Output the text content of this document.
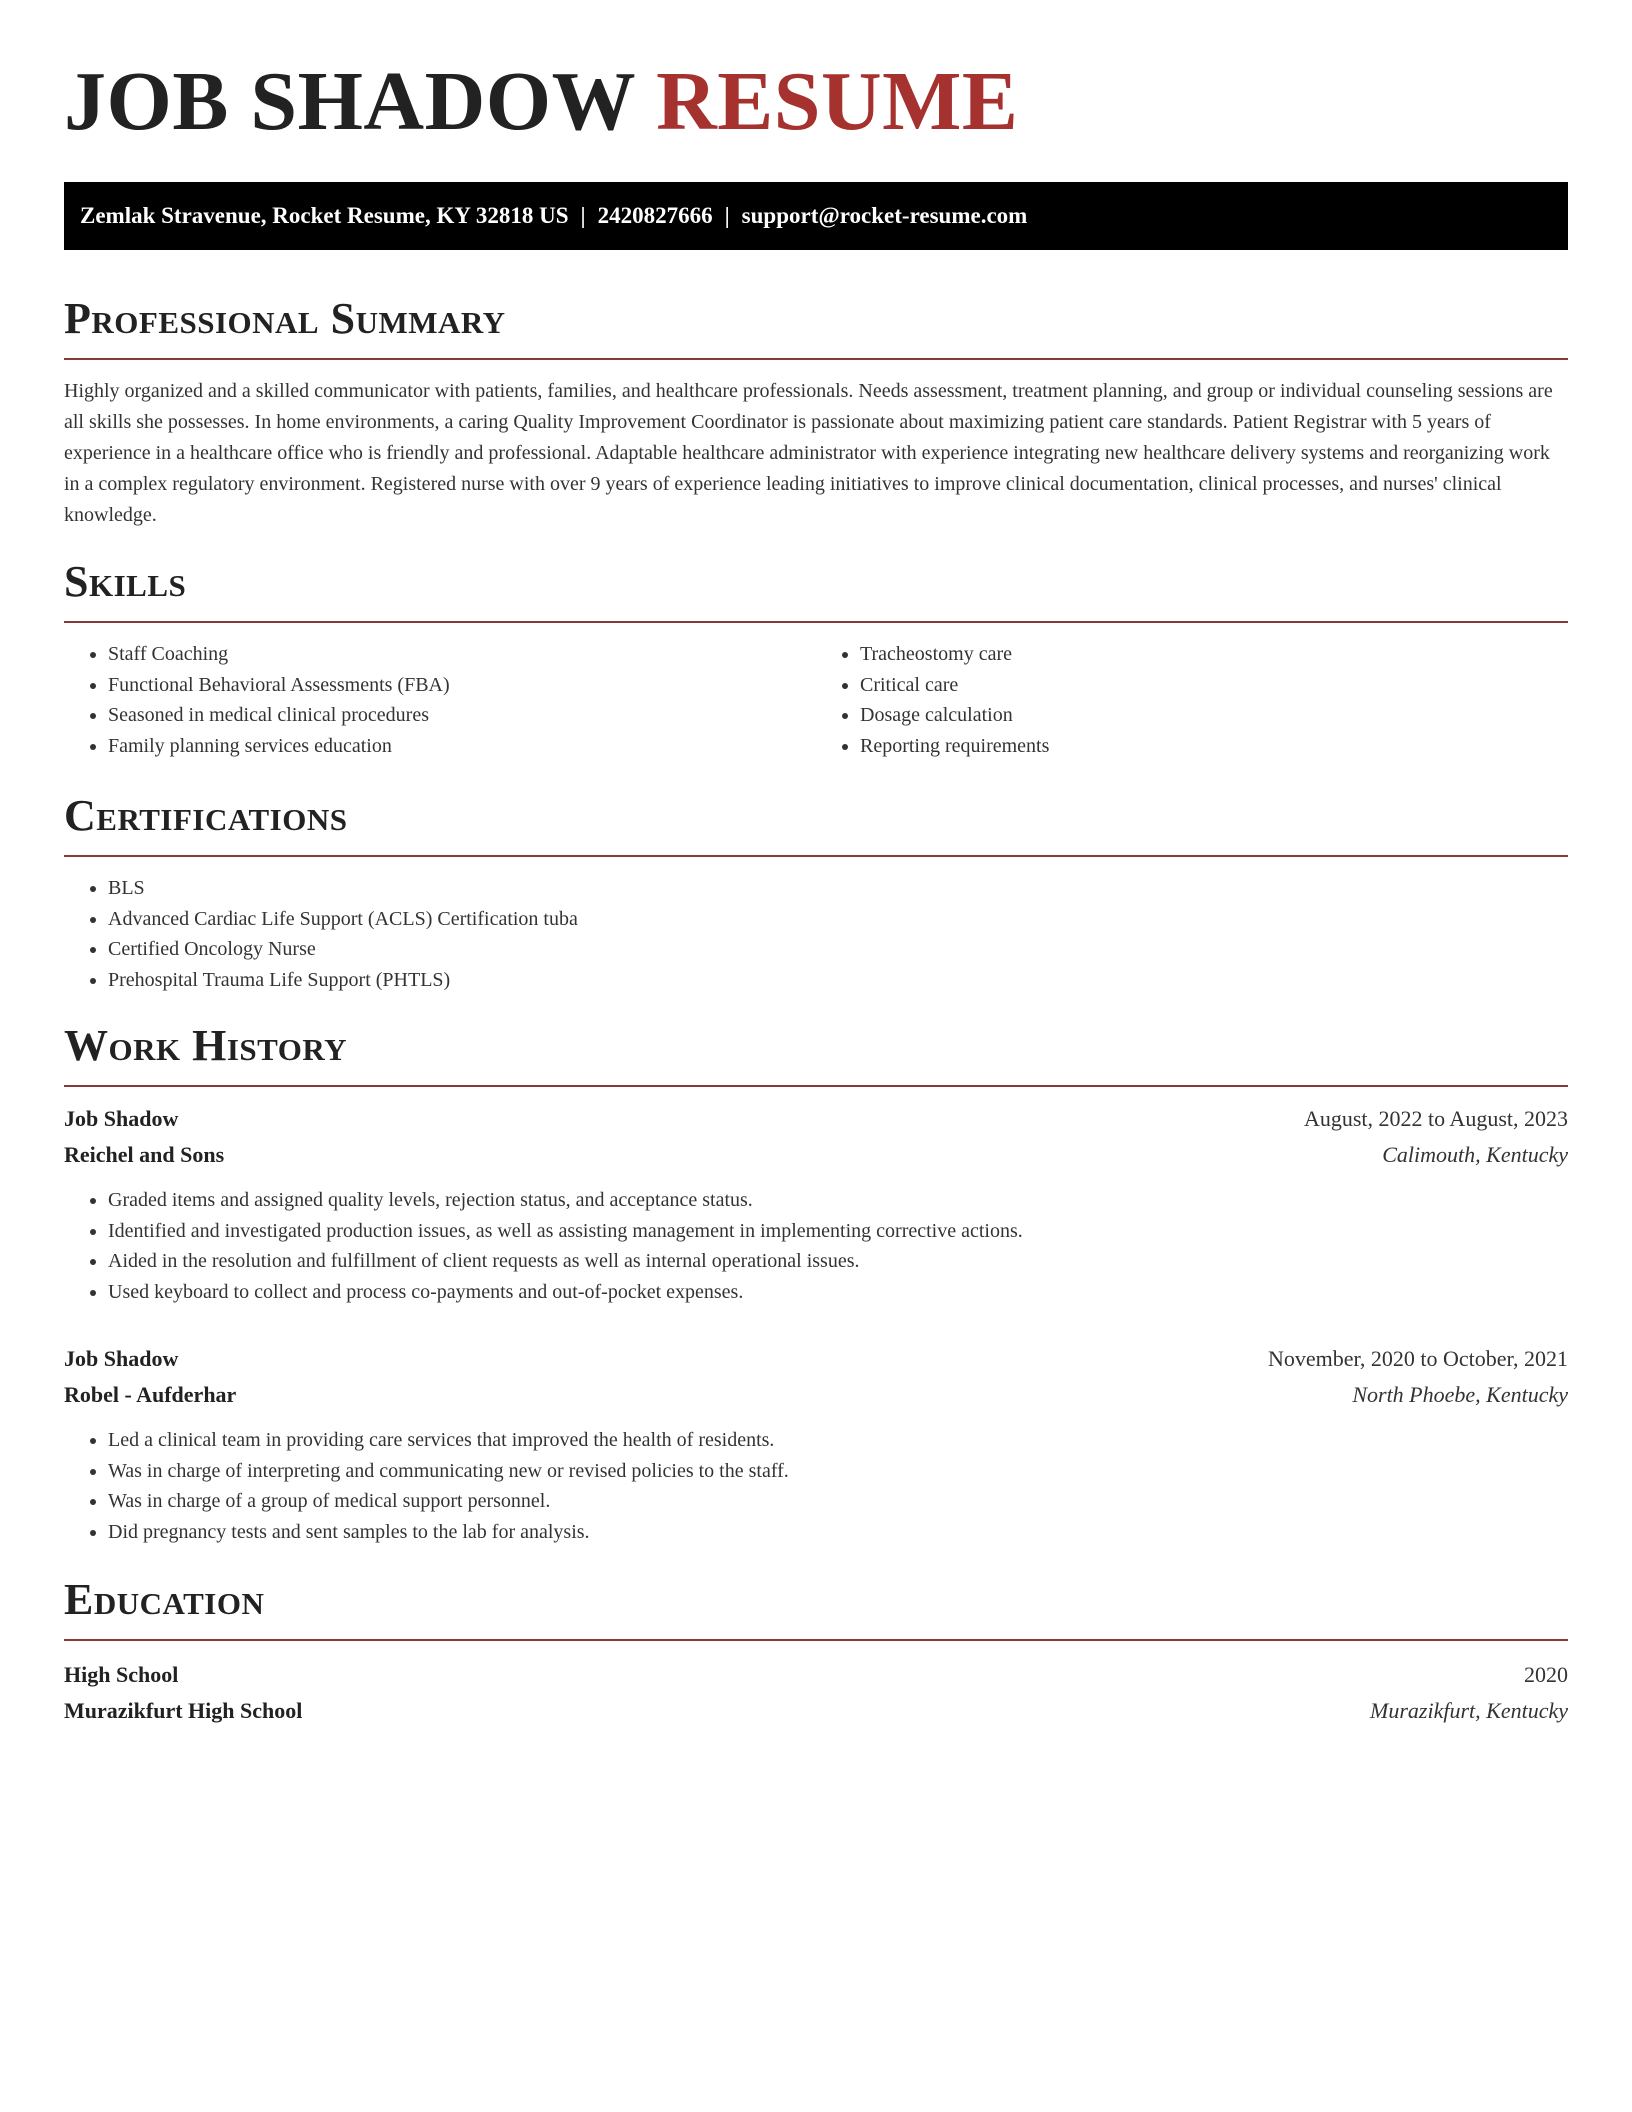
JOB SHADOW RESUME
Zemlak Stravenue, Rocket Resume, KY 32818 US | 2420827666 | support@rocket-resume.com
Professional Summary

Highly organized and a skilled communicator with patients, families, and healthcare professionals. Needs assessment, treatment planning, and group or individual counseling sessions are all skills she possesses. In home environments, a caring Quality Improvement Coordinator is passionate about maximizing patient care standards. Patient Registrar with 5 years of experience in a healthcare office who is friendly and professional. Adaptable healthcare administrator with experience integrating new healthcare delivery systems and reorganizing work in a complex regulatory environment. Registered nurse with over 9 years of experience leading initiatives to improve clinical documentation, clinical processes, and nurses' clinical knowledge.

Skills
• Staff Coaching
• Functional Behavioral Assessments (FBA)
• Seasoned in medical clinical procedures
• Family planning services education
• Tracheostomy care
• Critical care
• Dosage calculation
• Reporting requirements
Certifications
• BLS
• Advanced Cardiac Life Support (ACLS) Certification tuba
• Certified Oncology Nurse
• Prehospital Trauma Life Support (PHTLS)
Work History
Job Shadow	August, 2022 to August, 2023
Reichel and Sons	Calimouth, Kentucky
• Graded items and assigned quality levels, rejection status, and acceptance status.
• Identified and investigated production issues, as well as assisting management in implementing corrective actions.
• Aided in the resolution and fulfillment of client requests as well as internal operational issues.
• Used keyboard to collect and process co-payments and out-of-pocket expenses.
Job Shadow	November, 2020 to October, 2021
Robel - Aufderhar	North Phoebe, Kentucky
• Led a clinical team in providing care services that improved the health of residents.
• Was in charge of interpreting and communicating new or revised policies to the staff.
• Was in charge of a group of medical support personnel.
• Did pregnancy tests and sent samples to the lab for analysis.
Education
High School	2020
Murazikfurt High School	Murazikfurt, Kentucky
